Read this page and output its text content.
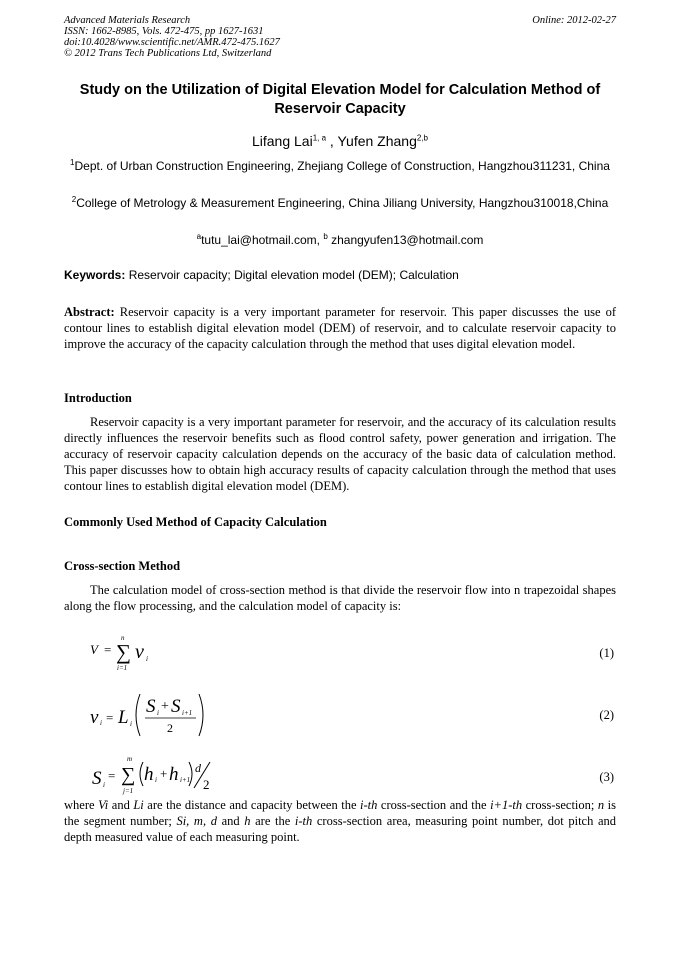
Advanced Materials Research
ISSN: 1662-8985, Vols. 472-475, pp 1627-1631
doi:10.4028/www.scientific.net/AMR.472-475.1627
© 2012 Trans Tech Publications Ltd, Switzerland
Online: 2012-02-27
Study on the Utilization of Digital Elevation Model for Calculation Method of Reservoir Capacity
Lifang Lai$^{1, a}$ , Yufen Zhang$^{2,b}$
$^1$Dept. of Urban Construction Engineering, Zhejiang College of Construction, Hangzhou311231, China
$^2$College of Metrology & Measurement Engineering, China Jiliang University, Hangzhou310018,China
$^a$tutu_lai@hotmail.com, $^b$ zhangyufen13@hotmail.com
Keywords: Reservoir capacity; Digital elevation model (DEM); Calculation
Abstract: Reservoir capacity is a very important parameter for reservoir. This paper discusses the use of contour lines to establish digital elevation model (DEM) of reservoir, and to calculate reservoir capacity to improve the accuracy of the capacity calculation through the method that uses digital elevation model.
Introduction
Reservoir capacity is a very important parameter for reservoir, and the accuracy of its calculation results directly influences the reservoir benefits such as flood control safety, power generation and irrigation. The accuracy of reservoir capacity calculation depends on the accuracy of the basic data of calculation method. This paper discusses how to obtain high accuracy results of capacity calculation through the method that uses contour lines to establish digital elevation model (DEM).
Commonly Used Method of Capacity Calculation
Cross-section Method
The calculation model of cross-section method is that divide the reservoir flow into n trapezoidal shapes along the flow processing, and the calculation model of capacity is:
V =
n
∑
i=1
v i	(1)
v i = L i
S i + S i+1
2
(2)
S i
=
m
∑
j=1
h i + h i+1
d
2	(3)
where Vi and Li are the distance and capacity between the i-th cross-section and the i+1-th cross-section; n is the segment number; Si, m, d and h are the i-th cross-section area, measuring point number, dot pitch and depth measured value of each measuring point.
